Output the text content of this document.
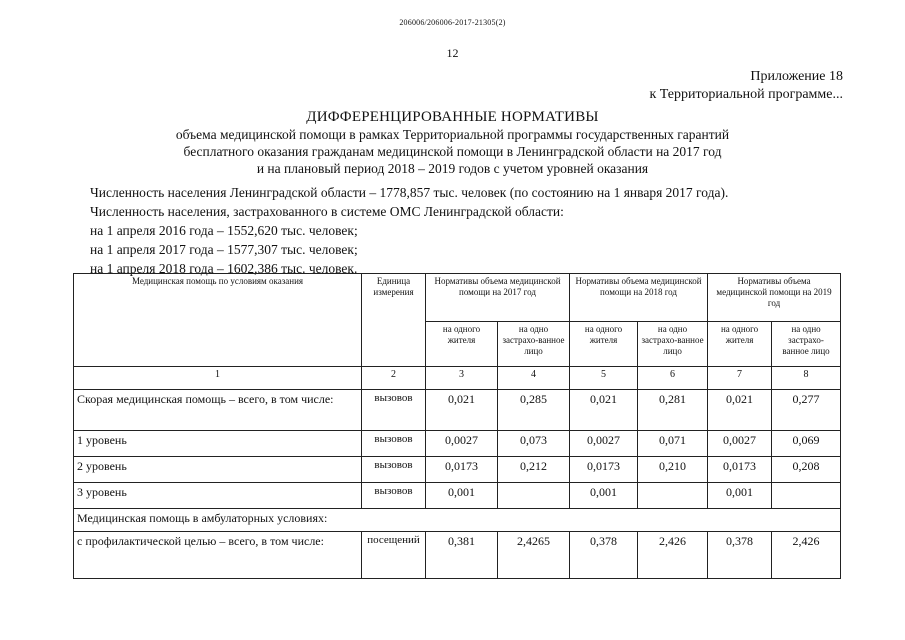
206006/206006-2017-21305(2)
12
Приложение 18
к Территориальной программе...
ДИФФЕРЕНЦИРОВАННЫЕ НОРМАТИВЫ
объема медицинской помощи в рамках Территориальной программы государственных гарантий
бесплатного оказания гражданам медицинской помощи в Ленинградской области на 2017 год
и на плановый период 2018 – 2019 годов с учетом уровней оказания
Численность населения Ленинградской области – 1778,857 тыс. человек (по состоянию на 1 января 2017 года).
Численность населения, застрахованного в системе ОМС Ленинградской области:
на 1 апреля 2016 года – 1552,620 тыс. человек;
на 1 апреля 2017 года – 1577,307 тыс. человек;
на 1 апреля 2018 года – 1602,386 тыс. человек.
Медицинская помощь по условиям оказания	Единица измерения	Нормативы объема медицинской помощи на 2017 год		Нормативы объема медицинской помощи на 2018 год		Нормативы объема медицинской помощи на 2019 год	
		на одного жителя	на одно застрахо-ванное лицо	на одного жителя	на одно застрахо-ванное лицо	на одного жителя	на одно застрахо-ванное лицо
1	2	3	4	5	6	7	8
Скорая медицинская помощь – всего, в том числе:	вызовов	0,021	0,285	0,021	0,281	0,021	0,277
1 уровень	вызовов	0,0027	0,073	0,0027	0,071	0,0027	0,069
2 уровень	вызовов	0,0173	0,212	0,0173	0,210	0,0173	0,208
3 уровень	вызовов	0,001		0,001		0,001	
Медицинская помощь в амбулаторных условиях:							
с профилактической целью – всего, в том числе:	посещений	0,381	2,4265	0,378	2,426	0,378	2,426
